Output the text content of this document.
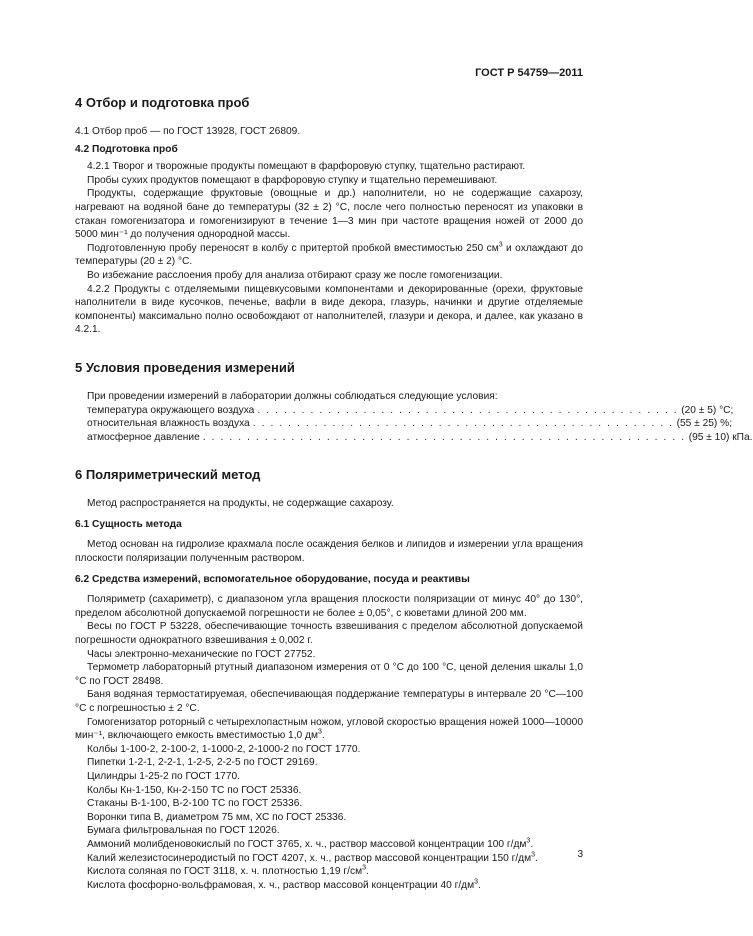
ГОСТ Р 54759—2011
4 Отбор и подготовка проб

4.1 Отбор проб — по ГОСТ 13928, ГОСТ 26809.

4.2 Подготовка проб

4.2.1 Творог и творожные продукты помещают в фарфоровую ступку, тщательно растирают.

Пробы сухих продуктов помещают в фарфоровую ступку и тщательно перемешивают.

Продукты, содержащие фруктовые (овощные и др.) наполнители, но не содержащие сахарозу, нагревают на водяной бане до температуры (32 ± 2) °С, после чего полностью переносят из упаковки в стакан гомогенизатора и гомогенизируют в течение 1—3 мин при частоте вращения ножей от 2000 до 5000 мин⁻¹ до получения однородной массы.

Подготовленную пробу переносят в колбу с притертой пробкой вместимостью 250 $см^3$ и охлаждают до температуры (20 ± 2) °С.

Во избежание расслоения пробу для анализа отбирают сразу же после гомогенизации.

4.2.2 Продукты с отделяемыми пищевкусовыми компонентами и декорированные (орехи, фруктовые наполнители в виде кусочков, печенье, вафли в виде декора, глазурь, начинки и другие отделяемые компоненты) максимально полно освобождают от наполнителей, глазури и декора, и далее, как указано в 4.2.1.

5 Условия проведения измерений

При проведении измерений в лаборатории должны соблюдаться следующие условия:

температура окружающего воздуха . . . . . . . . . . . . . . . . . . . . . . . . . . . . . . . . . . . . . . . . . . . . . . . . (20 ± 5) °С;
относительная влажность воздуха . . . . . . . . . . . . . . . . . . . . . . . . . . . . . . . . . . . . . . . . . . . . . . . . (55 ± 25) %;
атмосферное давление . . . . . . . . . . . . . . . . . . . . . . . . . . . . . . . . . . . . . . . . . . . . . . . . . . . . . . . (95 ± 10) кПа.
6 Поляриметрический метод

Метод распространяется на продукты, не содержащие сахарозу.

6.1 Сущность метода

Метод основан на гидролизе крахмала после осаждения белков и липидов и измерении угла вращения плоскости поляризации полученным раствором.

6.2 Средства измерений, вспомогательное оборудование, посуда и реактивы

Поляриметр (сахариметр), с диапазоном угла вращения плоскости поляризации от минус 40° до 130°, пределом абсолютной допускаемой погрешности не более ± 0,05°, с кюветами длиной 200 мм.

Весы по ГОСТ Р 53228, обеспечивающие точность взвешивания с пределом абсолютной допускаемой погрешности однократного взвешивания ± 0,002 г.

Часы электронно-механические по ГОСТ 27752.

Термометр лабораторный ртутный диапазоном измерения от 0 °С до 100 °С, ценой деления шкалы 1,0 °С по ГОСТ 28498.

Баня водяная термостатируемая, обеспечивающая поддержание температуры в интервале 20 °С—100 °С с погрешностью ± 2 °С.

Гомогенизатор роторный с четырехлопастным ножом, угловой скоростью вращения ножей 1000—10000 мин⁻¹, включающего емкость вместимостью 1,0 $дм^3$.

Колбы 1-100-2, 2-100-2, 1-1000-2, 2-1000-2 по ГОСТ 1770.

Пипетки 1-2-1, 2-2-1, 1-2-5, 2-2-5 по ГОСТ 29169.

Цилиндры 1-25-2 по ГОСТ 1770.

Колбы Кн-1-150, Кн-2-150 ТС по ГОСТ 25336.

Стаканы В-1-100, В-2-100 ТС по ГОСТ 25336.

Воронки типа В, диаметром 75 мм, ХС по ГОСТ 25336.

Бумага фильтровальная по ГОСТ 12026.

Аммоний молибденовокислый по ГОСТ 3765, х. ч., раствор массовой концентрации 100 $г/дм^3$.

Калий железистосинеродистый по ГОСТ 4207, х. ч., раствор массовой концентрации 150 $г/дм^3$.

Кислота соляная по ГОСТ 3118, х. ч. плотностью 1,19 $г/см^3$.

Кислота фосфорно-вольфрамовая, х. ч., раствор массовой концентрации 40 $г/дм^3$.

3
